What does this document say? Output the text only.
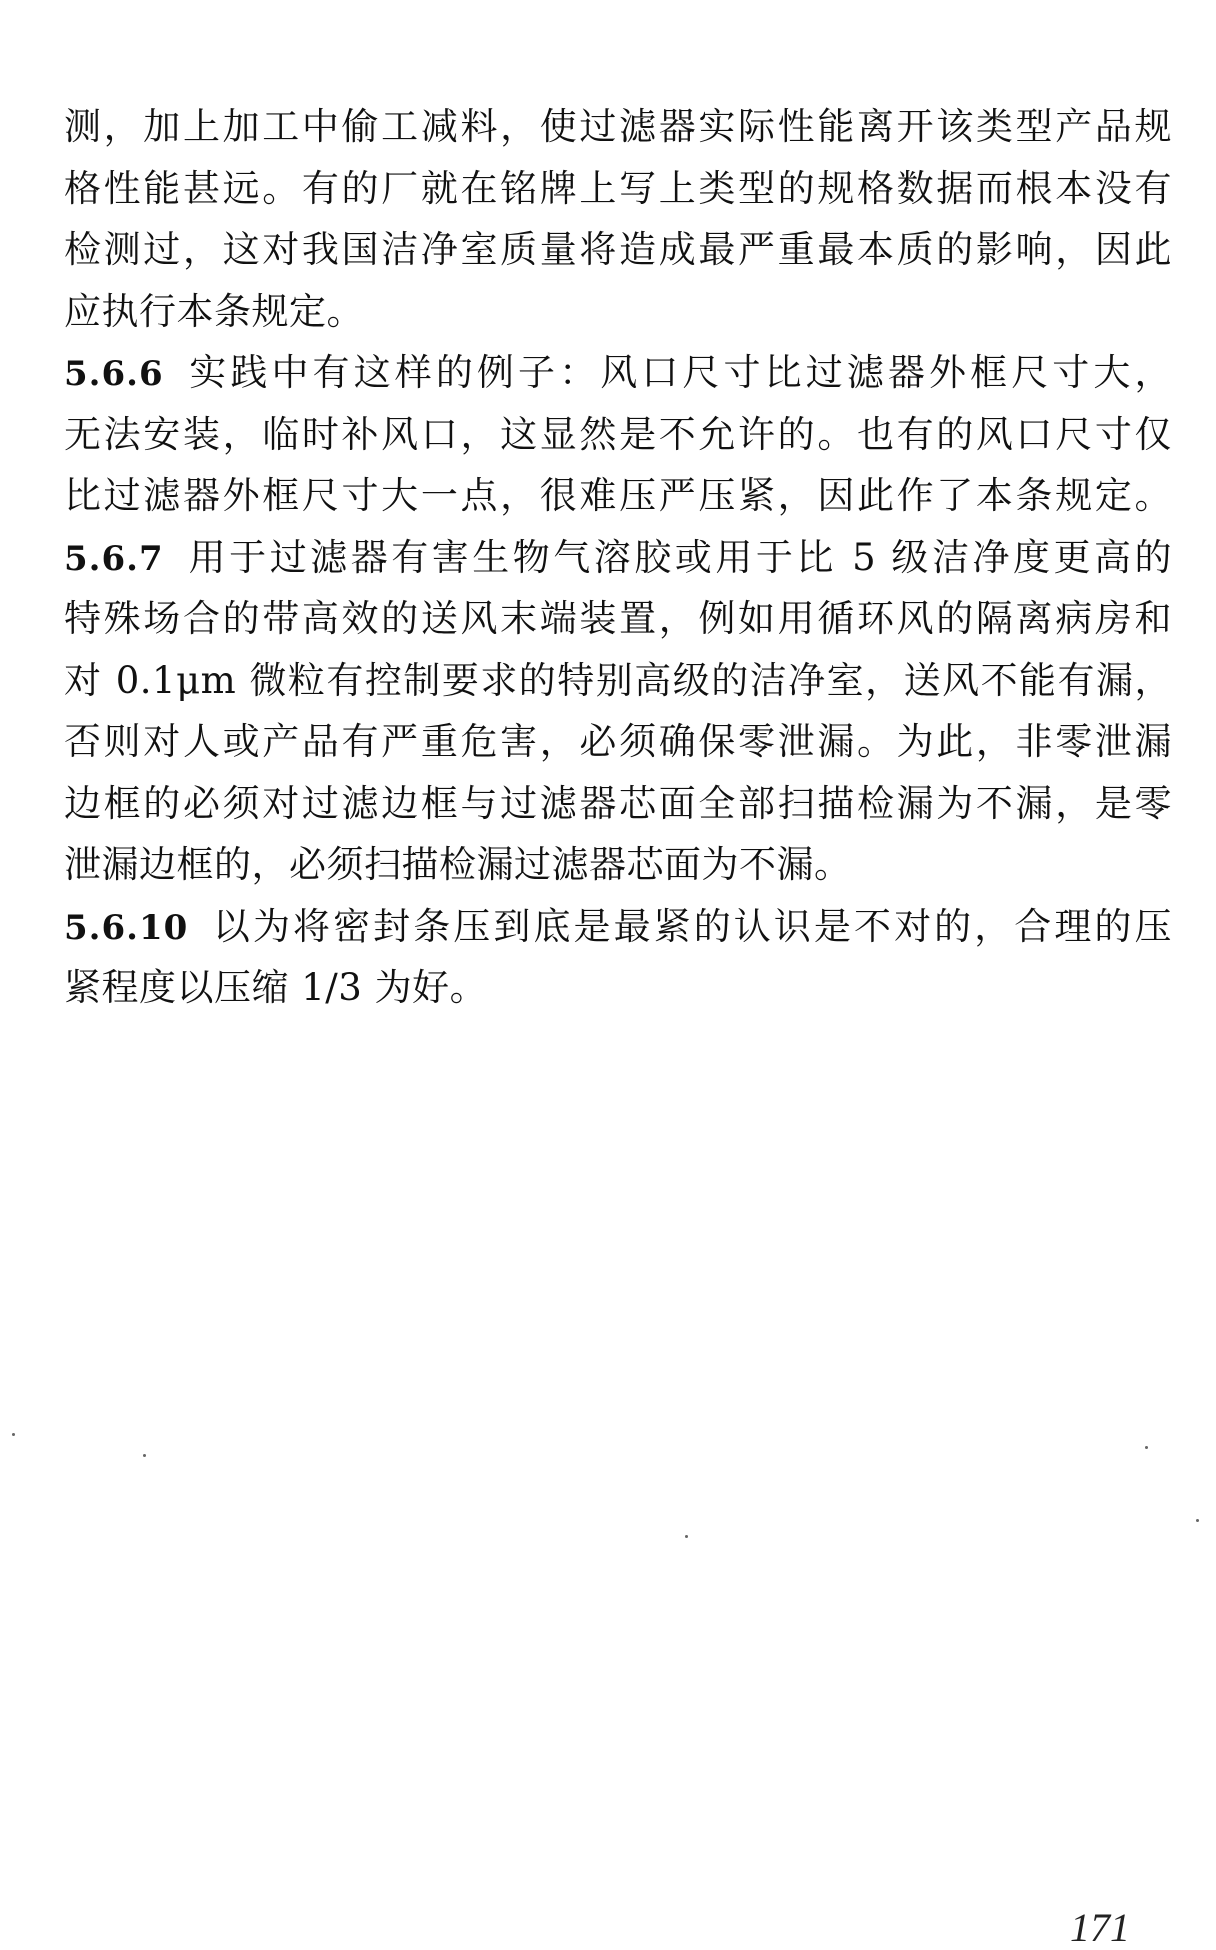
测，加上加工中偷工减料，使过滤器实际性能离开该类型产品规
格性能甚远。有的厂就在铭牌上写上类型的规格数据而根本没有
检测过，这对我国洁净室质量将造成最严重最本质的影响，因此
应执行本条规定。
5.6.6 实践中有这样的例子：风口尺寸比过滤器外框尺寸大，
无法安装，临时补风口，这显然是不允许的。也有的风口尺寸仅
比过滤器外框尺寸大一点，很难压严压紧，因此作了本条规定。
5.6.7 用于过滤器有害生物气溶胶或用于比 5 级洁净度更高的
特殊场合的带高效的送风末端装置，例如用循环风的隔离病房和
对 0.1μm 微粒有控制要求的特别高级的洁净室，送风不能有漏，
否则对人或产品有严重危害，必须确保零泄漏。为此，非零泄漏
边框的必须对过滤边框与过滤器芯面全部扫描检漏为不漏，是零
泄漏边框的，必须扫描检漏过滤器芯面为不漏。
5.6.10 以为将密封条压到底是最紧的认识是不对的，合理的压
紧程度以压缩 1/3 为好。
171
